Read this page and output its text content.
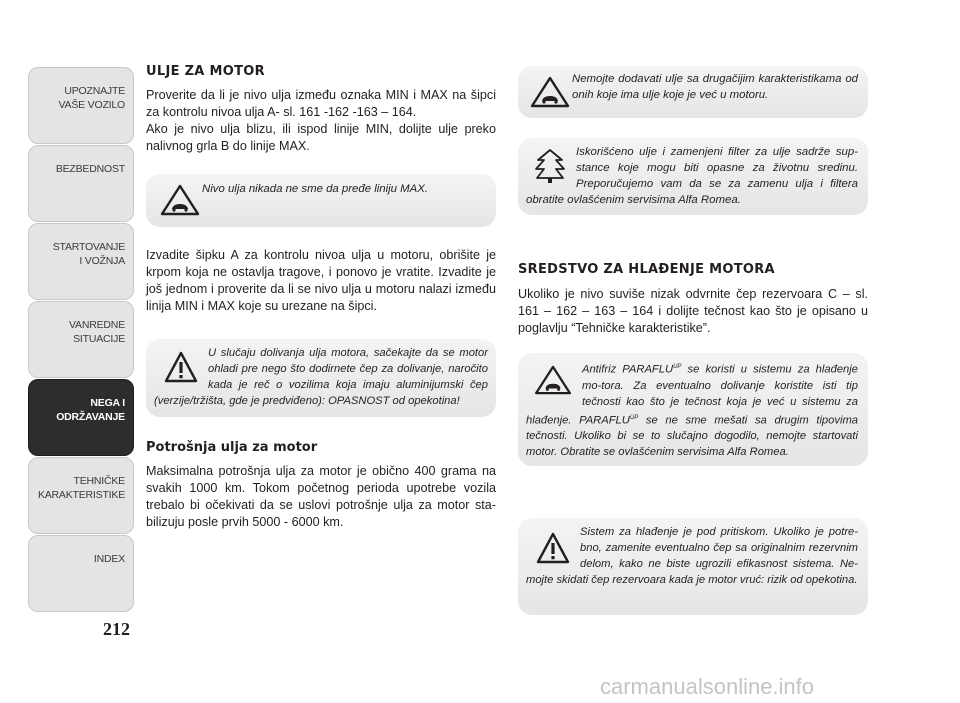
UPOZNAJTE
VAŠE VOZILO
BEZBEDNOST
STARTOVANJE
I VOŽNJA
VANREDNE
SITUACIJE
NEGA I
ODRŽAVANJE
TEHNIČKE
KARAKTERISTIKE
INDEX
212
ULJE ZA MOTOR

Proverite da li je nivo ulja između oznaka MIN i MAX na šipci za kontrolu nivoa ulja A- sl. 161 -162 -163 – 164.

Ako je nivo ulja blizu, ili ispod linije MIN, dolijte ulje preko nalivnog grla B do linije MAX.

Nivo ulja nikada ne sme da pređe liniju MAX.

Izvadite šipku A za kontrolu nivoa ulja u motoru, obrišite je krpom koja ne ostavlja tragove, i ponovo je vratite. Izvadite je još jednom i proverite da li se nivo ulja u motoru nalazi između linija MIN i MAX koje su urezane na šipci.

U slučaju dolivanja ulja motora, sačekajte da se motor ohladi pre nego što dodirnete čep za dolivanje, naročito kada je reč o vozilima koja imaju aluminijumski čep (verzije/tržišta, gde je predviđeno): OPASNOST od opekotina!
Potrošnja ulja za motor

Maksimalna potrošnja ulja za motor je obično 400 grama na svakih 1000 km. Tokom početnog perioda upotrebe vozila trebalo bi očekivati da se uslovi potrošnje ulja za motor sta-bilizuju posle prvih 5000 - 6000 km.

Nemojte dodavati ulje sa drugačijim karakteristikama od onih koje ima ulje koje je već u motoru.
Iskorišćeno ulje i zamenjeni filter za ulje sadrže sup-stance koje mogu biti opasne za životnu sredinu. Preporučujemo vam da se za zamenu ulja i filtera obratite ovlašćenim servisima Alfa Romea.
SREDSTVO ZA HLAĐENJE MOTORA

Ukoliko je nivo suviše nizak odvrnite čep rezervoara C – sl. 161 – 162 – 163 – 164 i dolijte tečnost kao što je opisano u poglavlju “Tehničke karakteristike”.

Antifriz $PARAFLU^{UP}$ se koristi u sistemu za hlađenje mo-tora. Za eventualno dolivanje koristite isti tip tečnosti kao što je tečnost koja je već u sistemu za hlađenje. $PARAFLU^{UP}$ se ne sme mešati sa drugim tipovima tečnosti. Ukoliko bi se to slučajno dogodilo, nemojte startovati motor. Obratite se ovlašćenim servisima Alfa Romea.
Sistem za hlađenje je pod pritiskom. Ukoliko je potre-bno, zamenite eventualno čep sa originalnim rezervnim delom, kako ne biste ugrozili efikasnost sistema. Ne-mojte skidati čep rezervoara kada je motor vruć: rizik od opekotina.
carmanualsonline.info
